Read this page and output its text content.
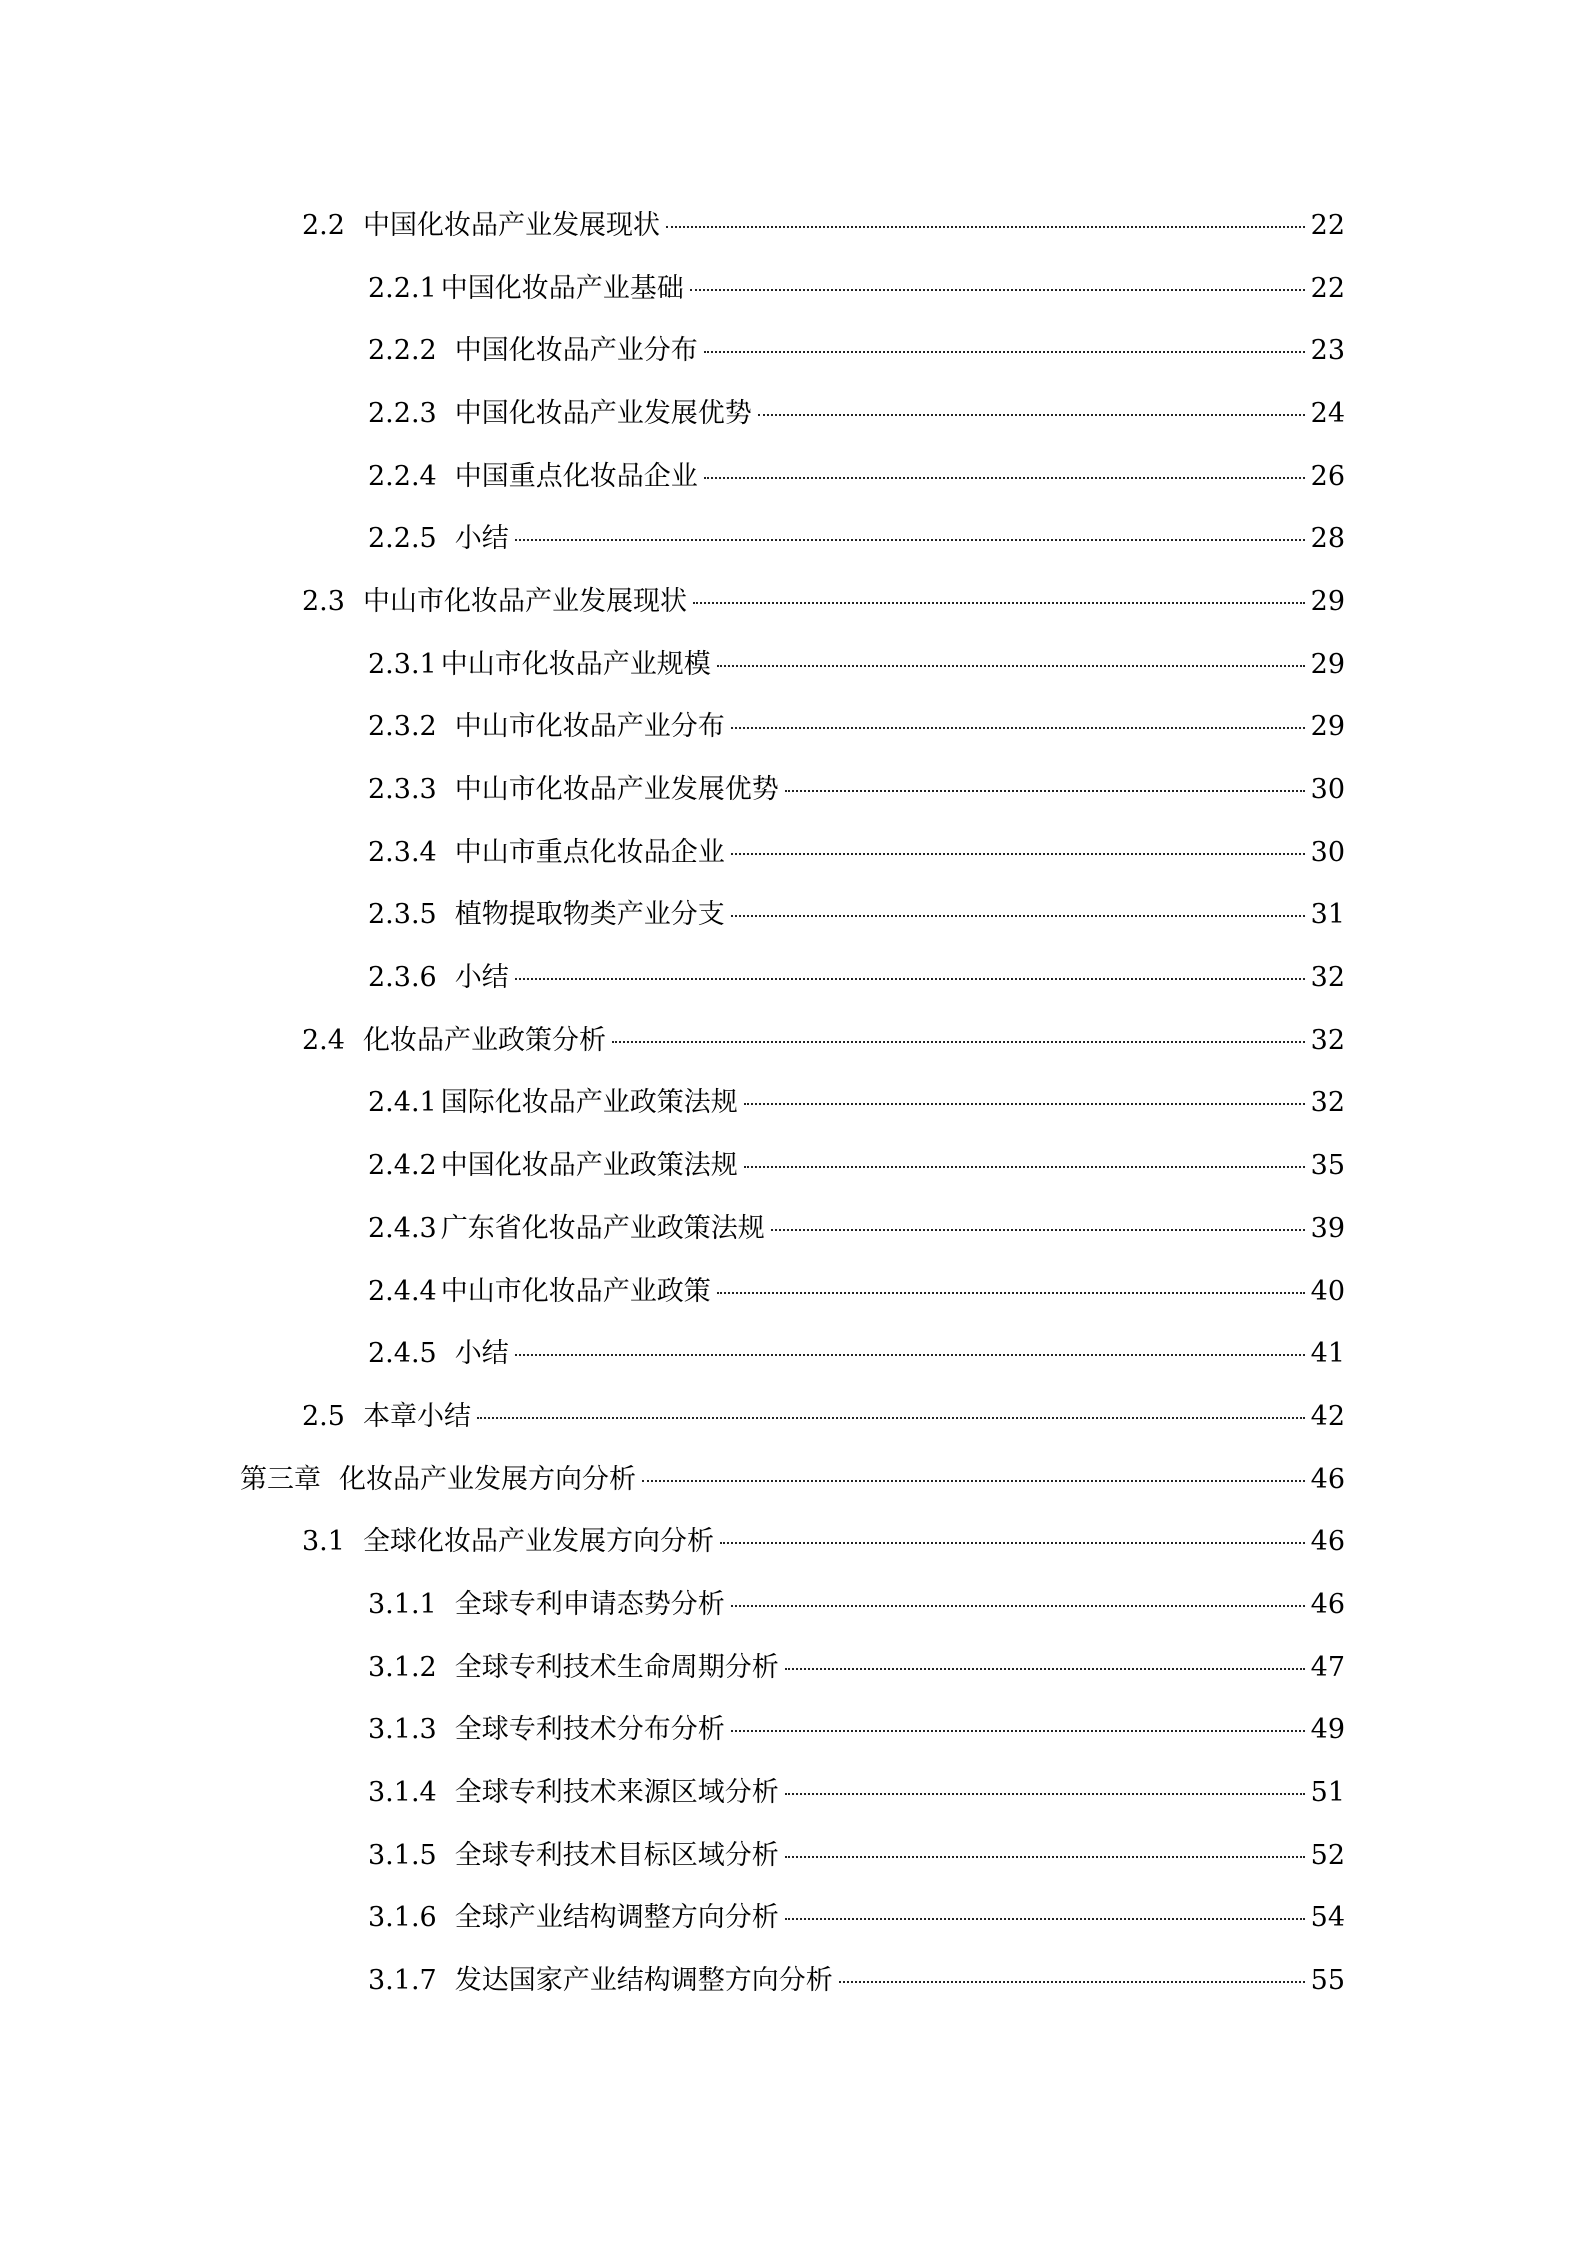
2.2 中国化妆品产业发展现状	22
2.2.1 中国化妆品产业基础	22
2.2.2 中国化妆品产业分布	23
2.2.3 中国化妆品产业发展优势	24
2.2.4 中国重点化妆品企业	26
2.2.5 小结	28
2.3 中山市化妆品产业发展现状	29
2.3.1 中山市化妆品产业规模	29
2.3.2 中山市化妆品产业分布	29
2.3.3 中山市化妆品产业发展优势	30
2.3.4 中山市重点化妆品企业	30
2.3.5 植物提取物类产业分支	31
2.3.6 小结	32
2.4 化妆品产业政策分析	32
2.4.1 国际化妆品产业政策法规	32
2.4.2 中国化妆品产业政策法规	35
2.4.3 广东省化妆品产业政策法规	39
2.4.4 中山市化妆品产业政策	40
2.4.5 小结	41
2.5 本章小结	42
第三章 化妆品产业发展方向分析	46
3.1 全球化妆品产业发展方向分析	46
3.1.1 全球专利申请态势分析	46
3.1.2 全球专利技术生命周期分析	47
3.1.3 全球专利技术分布分析	49
3.1.4 全球专利技术来源区域分析	51
3.1.5 全球专利技术目标区域分析	52
3.1.6 全球产业结构调整方向分析	54
3.1.7 发达国家产业结构调整方向分析	55
